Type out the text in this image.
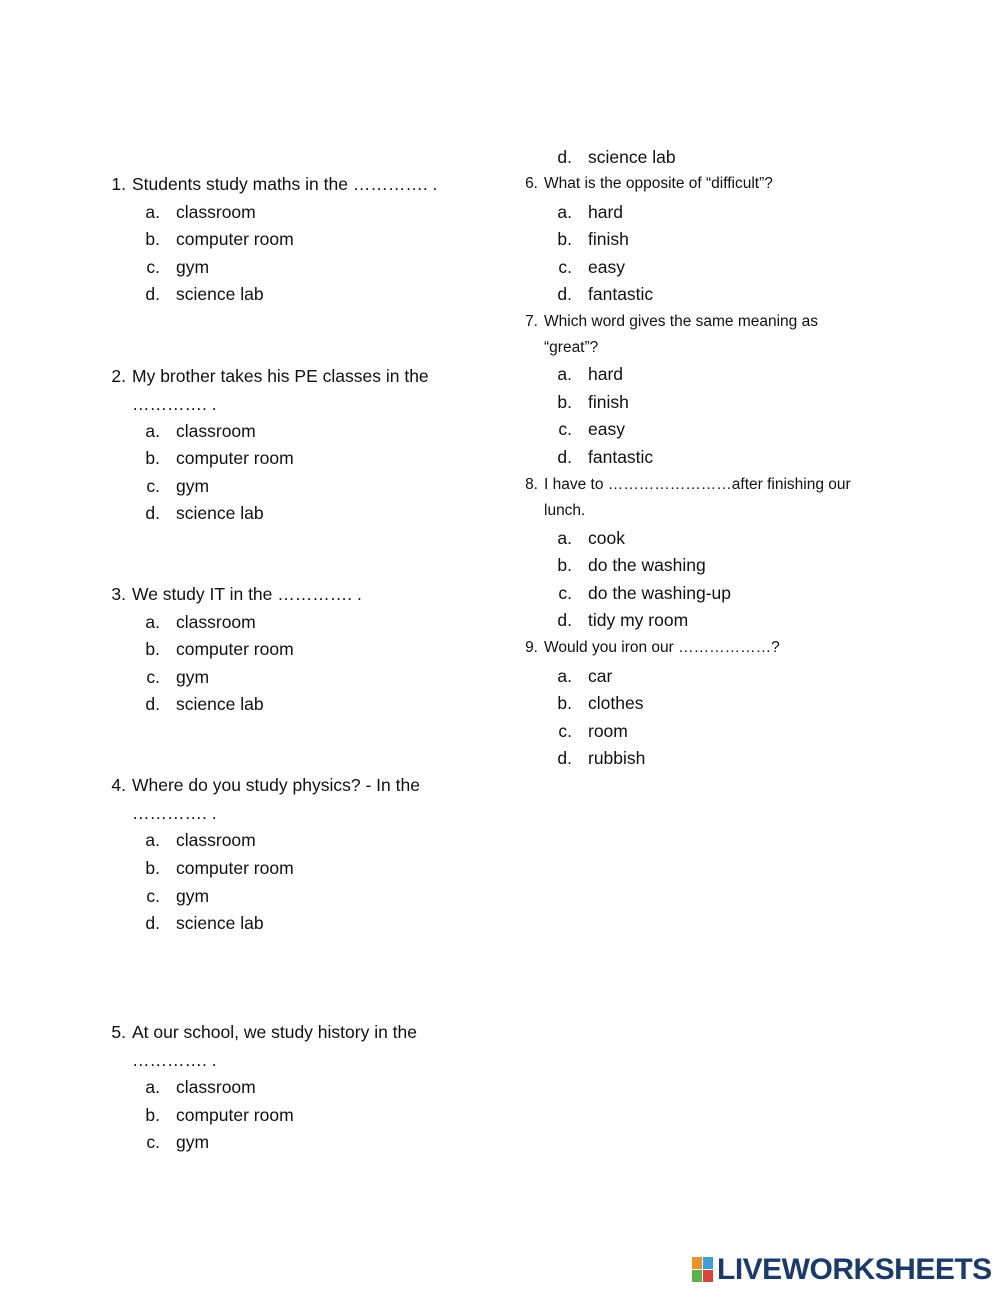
1. Students study maths in the …………. .
a. classroom
b. computer room
c. gym
d. science lab
2. My brother takes his PE classes in the
…………. .
a. classroom
b. computer room
c. gym
d. science lab
3. We study IT in the …………. .
a. classroom
b. computer room
c. gym
d. science lab
4. Where do you study physics? - In the
…………. .
a. classroom
b. computer room
c. gym
d. science lab
5. At our school, we study history in the
…………. .
a. classroom
b. computer room
c. gym
d. science lab
6. What is the opposite of “difficult”?
a. hard
b. finish
c. easy
d. fantastic
7. Which word gives the same meaning as
“great”?
a. hard
b. finish
c. easy
d. fantastic
8. I have to ……………………after finishing our
lunch.
a. cook
b. do the washing
c. do the washing-up
d. tidy my room
9. Would you iron our ………………?
a. car
b. clothes
c. room
d. rubbish
LIVEWORKSHEETS
